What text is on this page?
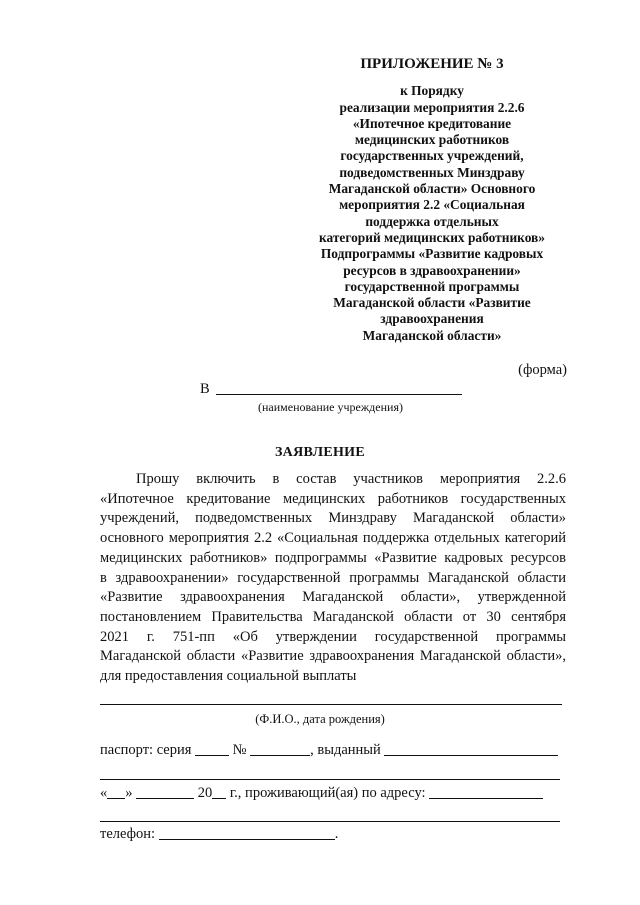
ПРИЛОЖЕНИЕ № 3
к Порядку
реализации мероприятия 2.2.6
«Ипотечное кредитование
медицинских работников
государственных учреждений,
подведомственных Минздраву
Магаданской области» Основного
мероприятия 2.2 «Социальная
поддержка отдельных
категорий медицинских работников»
Подпрограммы «Развитие кадровых
ресурсов в здравоохранении»
государственной программы
Магаданской области «Развитие
здравоохранения
Магаданской области»
(форма)
В
(наименование учреждения)
ЗАЯВЛЕНИЕ
Прошу включить в состав участников мероприятия 2.2.6
«Ипотечное кредитование медицинских работников государственных
учреждений, подведомственных Минздраву Магаданской области»
основного мероприятия 2.2 «Социальная поддержка отдельных категорий
медицинских работников» подпрограммы «Развитие кадровых ресурсов
в здравоохранении» государственной программы Магаданской области
«Развитие здравоохранения Магаданской области», утвержденной
постановлением Правительства Магаданской области от 30 сентября
2021 г. 751-пп «Об утверждении государственной программы
Магаданской области «Развитие здравоохранения Магаданской области»,
для предоставления социальной выплаты
(Ф.И.О., дата рождения)
паспорт: серия	№	, выданный
« »	20 г., проживающий(ая) по адресу:
телефон:	.
